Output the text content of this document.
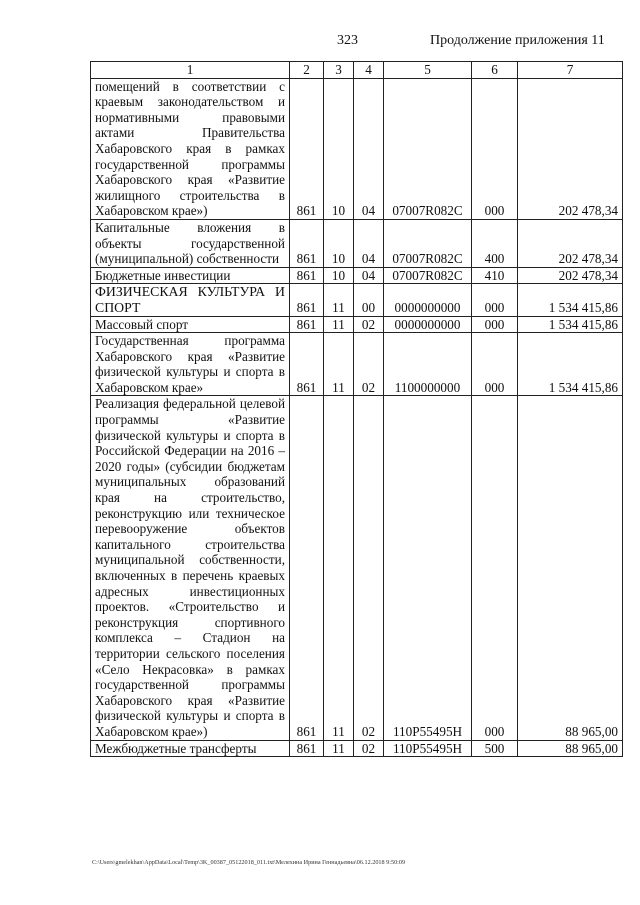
323	Продолжение приложения 11
1	2	3	4	5	6	7
помещений в соответствии с краевым законодательством и нормативными правовыми актами Правительства Хабаровского края в рамках государственной программы Хабаровского края «Развитие жилищного строительства в Хабаровском крае»)	861	10	04	07007R082C	000	202 478,34
Капитальные вложения в объекты государственной (муниципальной) собственности	861	10	04	07007R082C	400	202 478,34
Бюджетные инвестиции	861	10	04	07007R082C	410	202 478,34
ФИЗИЧЕСКАЯ КУЛЬТУРА И СПОРТ	861	11	00	0000000000	000	1 534 415,86
Массовый спорт	861	11	02	0000000000	000	1 534 415,86
Государственная программа Хабаровского края «Развитие физической культуры и спорта в Хабаровском крае»	861	11	02	1100000000	000	1 534 415,86
Реализация федеральной целевой программы «Развитие физической культуры и спорта в Российской Федерации на 2016 – 2020 годы» (субсидии бюджетам муниципальных образований края на строительство, реконструкцию или техническое перевооружение объектов капитального строительства муниципальной собственности, включенных в перечень краевых адресных инвестиционных проектов. «Строительство и реконструкция спортивного комплекса – Стадион на территории сельского поселения «Село Некрасовка» в рамках государственной программы Хабаровского края «Развитие физической культуры и спорта в Хабаровском крае»)	861	11	02	110P55495H	000	88 965,00
Межбюджетные трансферты	861	11	02	110P55495H	500	88 965,00
C:\Users\gmelekhan\AppData\Local\Temp\3K_00387_05122018_011.txt\Мелехина Ирина Геннадьевна\06.12.2018 9:50:09
